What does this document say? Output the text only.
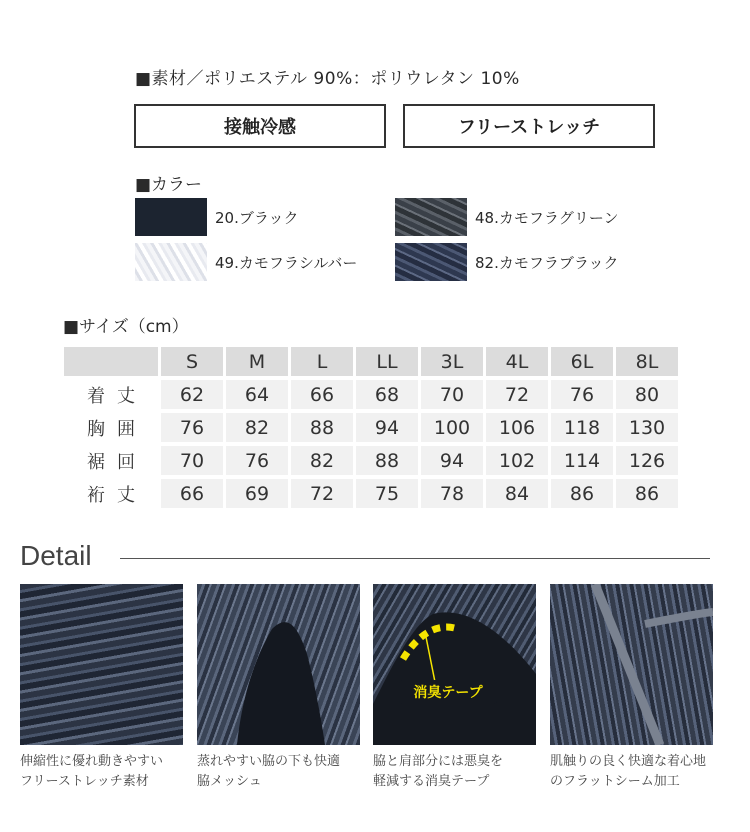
■素材／ポリエステル 90%：ポリウレタン 10%
接触冷感	フリーストレッチ
■カラー
20.ブラック
49.カモフラシルバー
48.カモフラグリーン
82.カモフラブラック
■サイズ（cm）
	S	M	L	LL	3L	4L	6L	8L
着丈	62	64	66	68	70	72	76	80
胸囲	76	82	88	94	100	106	118	130
裾回	70	76	82	88	94	102	114	126
裄丈	66	69	72	75	78	84	86	86
Detail
消臭テープ
伸縮性に優れ動きやすい
フリーストレッチ素材
蒸れやすい脇の下も快適
脇メッシュ
脇と肩部分には悪臭を
軽減する消臭テープ
肌触りの良く快適な着心地
のフラットシーム加工
